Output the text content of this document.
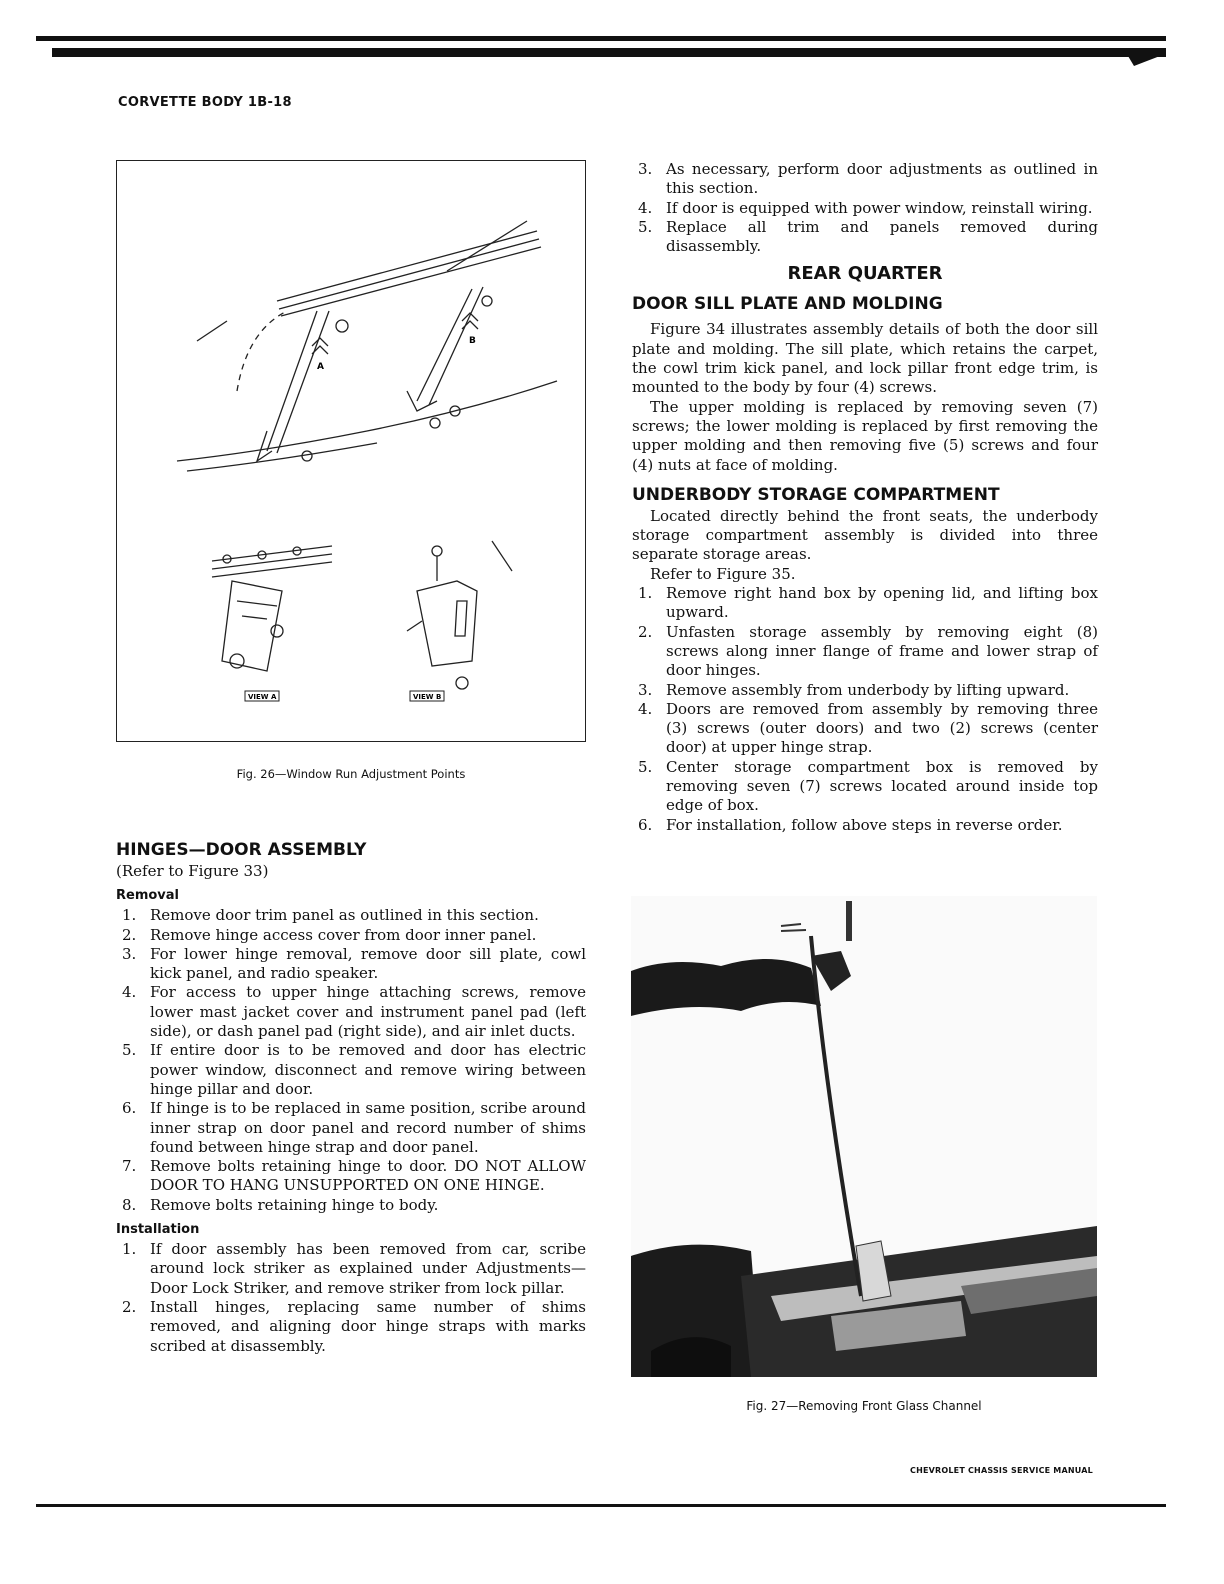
CORVETTE BODY 1B-18
A
B
VIEW A	VIEW B
Fig. 26—Window Run Adjustment Points
HINGES—DOOR ASSEMBLY

(Refer to Figure 33)

Removal
1. Remove door trim panel as outlined in this section.
2. Remove hinge access cover from door inner panel.
3. For lower hinge removal, remove door sill plate, cowl kick panel, and radio speaker.
4. For access to upper hinge attaching screws, remove lower mast jacket cover and instrument panel pad (left side), or dash panel pad (right side), and air inlet ducts.
5. If entire door is to be removed and door has electric power window, disconnect and remove wiring between hinge pillar and door.
6. If hinge is to be replaced in same position, scribe around inner strap on door panel and record number of shims found between hinge strap and door panel.
7. Remove bolts retaining hinge to door. DO NOT ALLOW DOOR TO HANG UNSUPPORTED ON ONE HINGE.
8. Remove bolts retaining hinge to body.
Installation
1. If door assembly has been removed from car, scribe around lock striker as explained under Adjustments—Door Lock Striker, and remove striker from lock pillar.
2. Install hinges, replacing same number of shims removed, and aligning door hinge straps with marks scribed at disassembly.
3. As necessary, perform door adjustments as outlined in this section.
4. If door is equipped with power window, reinstall wiring.
5. Replace all trim and panels removed during disassembly.
REAR QUARTER
DOOR SILL PLATE AND MOLDING

Figure 34 illustrates assembly details of both the door sill plate and molding. The sill plate, which retains the carpet, the cowl trim kick panel, and lock pillar front edge trim, is mounted to the body by four (4) screws.

The upper molding is replaced by removing seven (7) screws; the lower molding is replaced by first removing the upper molding and then removing five (5) screws and four (4) nuts at face of molding.

UNDERBODY STORAGE COMPARTMENT

Located directly behind the front seats, the underbody storage compartment assembly is divided into three separate storage areas.

Refer to Figure 35.

1. Remove right hand box by opening lid, and lifting box upward.
2. Unfasten storage assembly by removing eight (8) screws along inner flange of frame and lower strap of door hinges.
3. Remove assembly from underbody by lifting upward.
4. Doors are removed from assembly by removing three (3) screws (outer doors) and two (2) screws (center door) at upper hinge strap.
5. Center storage compartment box is removed by removing seven (7) screws located around inside top edge of box.
6. For installation, follow above steps in reverse order.
Fig. 27—Removing Front Glass Channel
CHEVROLET CHASSIS SERVICE MANUAL
